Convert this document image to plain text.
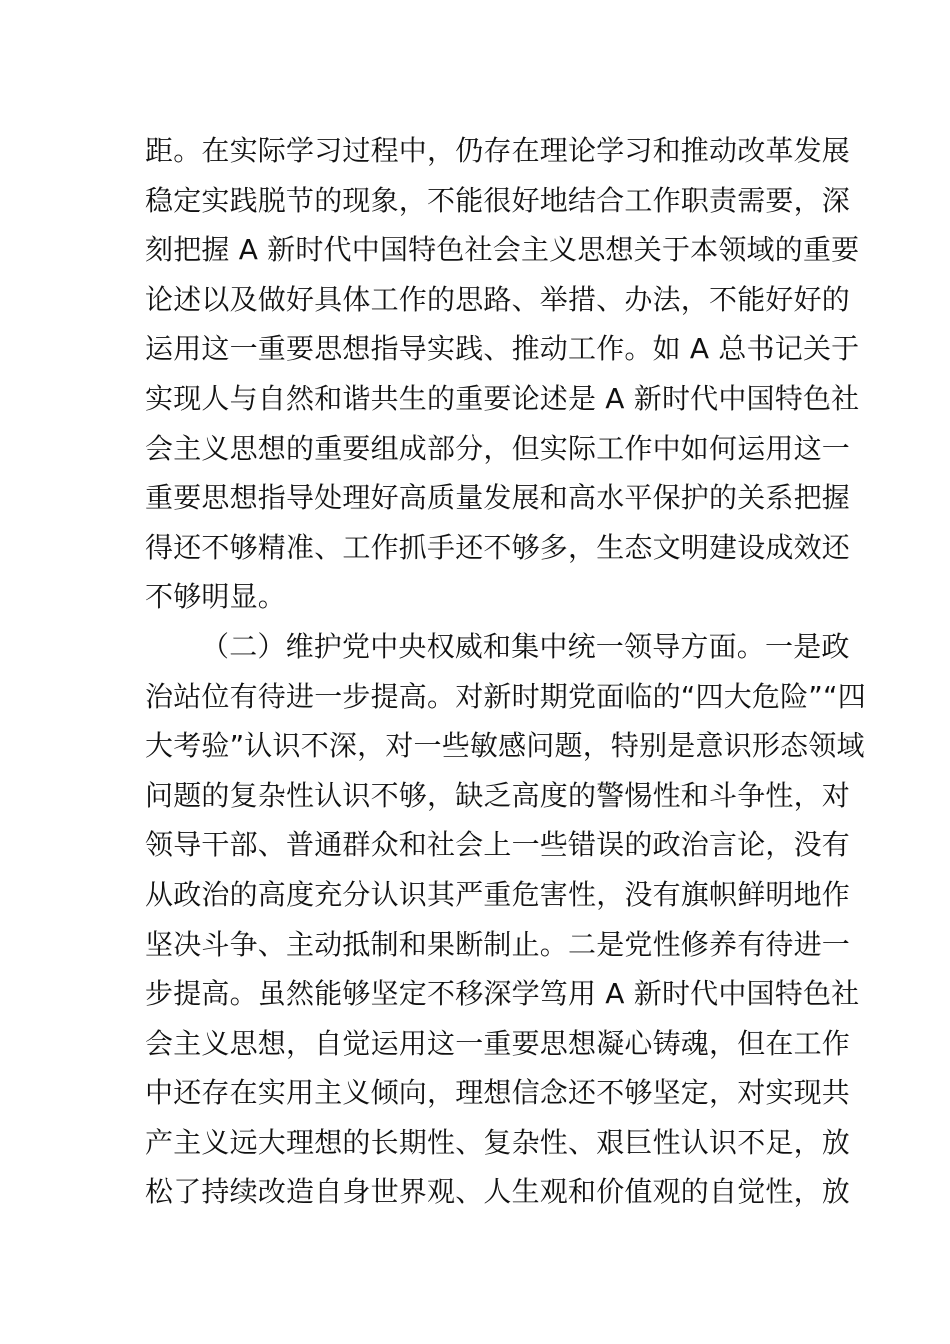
距。在实际学习过程中，仍存在理论学习和推动改革发展
稳定实践脱节的现象，不能很好地结合工作职责需要，深
刻把握 A 新时代中国特色社会主义思想关于本领域的重要
论述以及做好具体工作的思路、举措、办法，不能好好的
运用这一重要思想指导实践、推动工作。如 A 总书记关于
实现人与自然和谐共生的重要论述是 A 新时代中国特色社
会主义思想的重要组成部分，但实际工作中如何运用这一
重要思想指导处理好高质量发展和高水平保护的关系把握
得还不够精准、工作抓手还不够多，生态文明建设成效还
不够明显。
（二）维护党中央权威和集中统一领导方面。一是政
治站位有待进一步提高。对新时期党面临的“四大危险”“四
大考验”认识不深，对一些敏感问题，特别是意识形态领域
问题的复杂性认识不够，缺乏高度的警惕性和斗争性，对
领导干部、普通群众和社会上一些错误的政治言论，没有
从政治的高度充分认识其严重危害性，没有旗帜鲜明地作
坚决斗争、主动抵制和果断制止。二是党性修养有待进一
步提高。虽然能够坚定不移深学笃用 A 新时代中国特色社
会主义思想，自觉运用这一重要思想凝心铸魂，但在工作
中还存在实用主义倾向，理想信念还不够坚定，对实现共
产主义远大理想的长期性、复杂性、艰巨性认识不足，放
松了持续改造自身世界观、人生观和价值观的自觉性，放
